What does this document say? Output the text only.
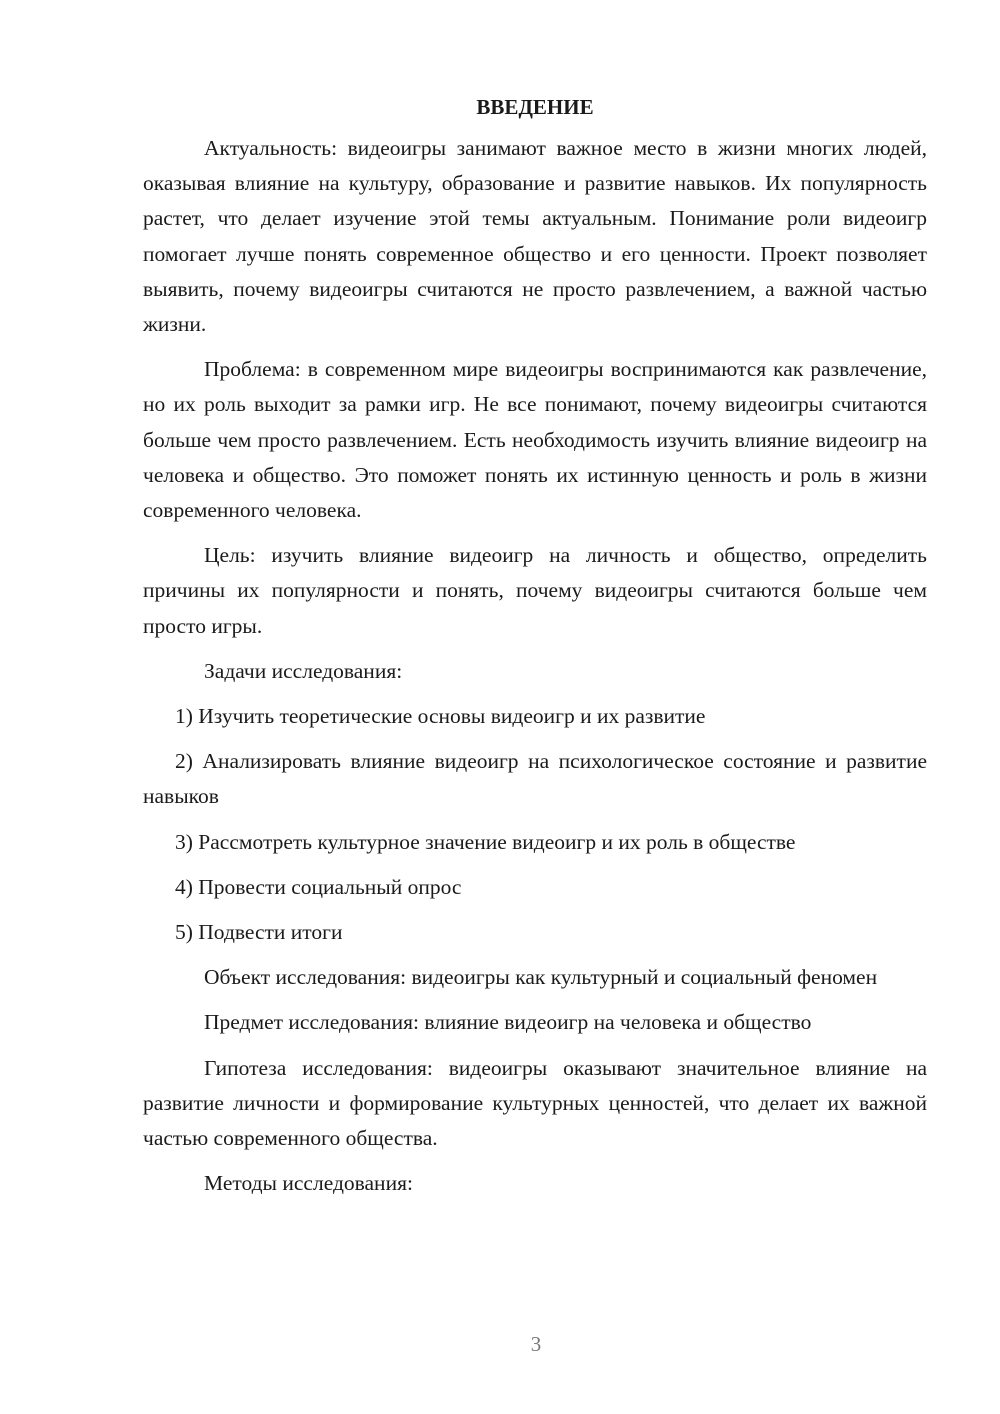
ВВЕДЕНИЕ

Актуальность: видеоигры занимают важное место в жизни многих людей, оказывая влияние на культуру, образование и развитие навыков. Их популярность растет, что делает изучение этой темы актуальным. Понимание роли видеоигр помогает лучше понять современное общество и его ценности. Проект позволяет выявить, почему видеоигры считаются не просто развлечением, а важной частью жизни.

Проблема: в современном мире видеоигры воспринимаются как развлечение, но их роль выходит за рамки игр. Не все понимают, почему видеоигры считаются больше чем просто развлечением. Есть необходимость изучить влияние видеоигр на человека и общество. Это поможет понять их истинную ценность и роль в жизни современного человека.

Цель: изучить влияние видеоигр на личность и общество, определить причины их популярности и понять, почему видеоигры считаются больше чем просто игры.

Задачи исследования:

1) Изучить теоретические основы видеоигр и их развитие

2) Анализировать влияние видеоигр на психологическое состояние и развитие навыков

3) Рассмотреть культурное значение видеоигр и их роль в обществе

4) Провести социальный опрос

5) Подвести итоги

Объект исследования: видеоигры как культурный и социальный феномен

Предмет исследования: влияние видеоигр на человека и общество

Гипотеза исследования: видеоигры оказывают значительное влияние на развитие личности и формирование культурных ценностей, что делает их важной частью современного общества.

Методы исследования:

3
